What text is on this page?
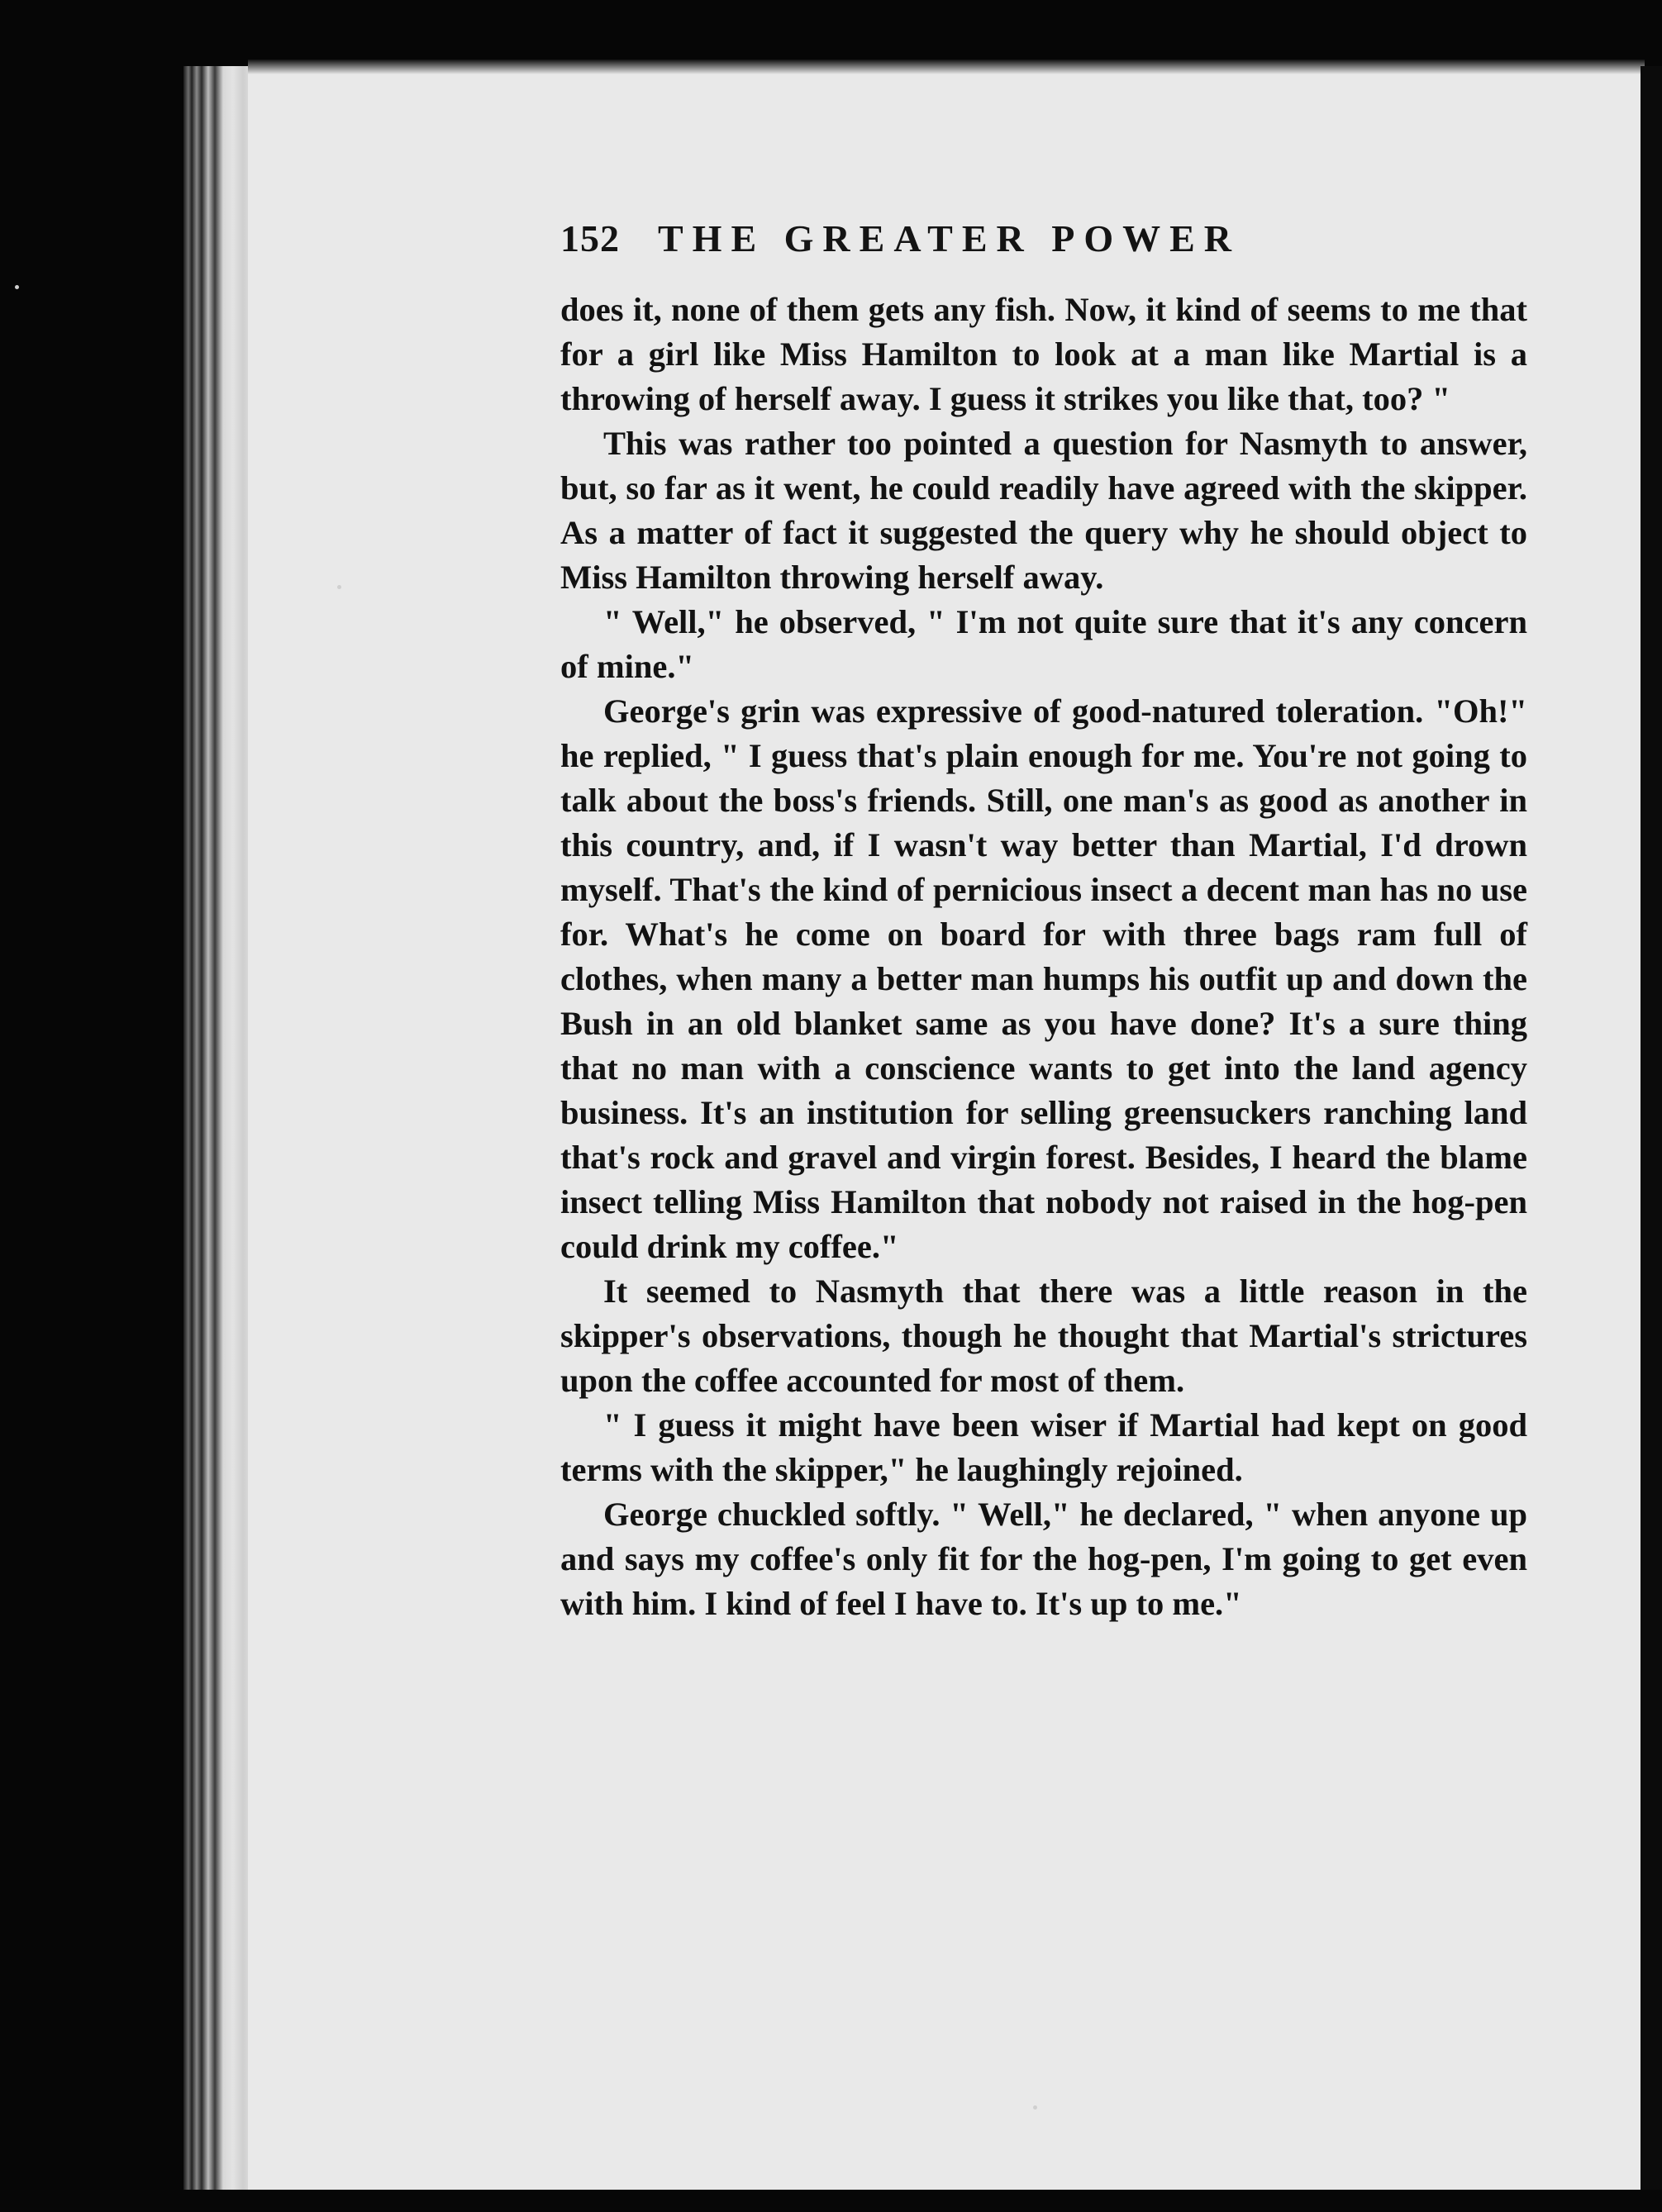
152 THE GREATER POWER

does it, none of them gets any fish. Now, it kind of seems to me that for a girl like Miss Hamilton to look at a man like Martial is a throwing of herself away. I guess it strikes you like that, too? "

This was rather too pointed a question for Nasmyth to answer, but, so far as it went, he could readily have agreed with the skipper. As a matter of fact it suggested the query why he should object to Miss Hamilton throwing herself away.

" Well," he observed, " I'm not quite sure that it's any concern of mine."

George's grin was expressive of good-natured toleration. "Oh!" he replied, " I guess that's plain enough for me. You're not going to talk about the boss's friends. Still, one man's as good as another in this country, and, if I wasn't way better than Martial, I'd drown myself. That's the kind of pernicious insect a decent man has no use for. What's he come on board for with three bags ram full of clothes, when many a better man humps his outfit up and down the Bush in an old blanket same as you have done? It's a sure thing that no man with a conscience wants to get into the land agency business. It's an institution for selling greensuckers ranching land that's rock and gravel and virgin forest. Besides, I heard the blame insect telling Miss Hamilton that nobody not raised in the hog-pen could drink my coffee."

It seemed to Nasmyth that there was a little reason in the skipper's observations, though he thought that Martial's strictures upon the coffee accounted for most of them.

" I guess it might have been wiser if Martial had kept on good terms with the skipper," he laughingly rejoined.

George chuckled softly. " Well," he declared, " when anyone up and says my coffee's only fit for the hog-pen, I'm going to get even with him. I kind of feel I have to. It's up to me."
